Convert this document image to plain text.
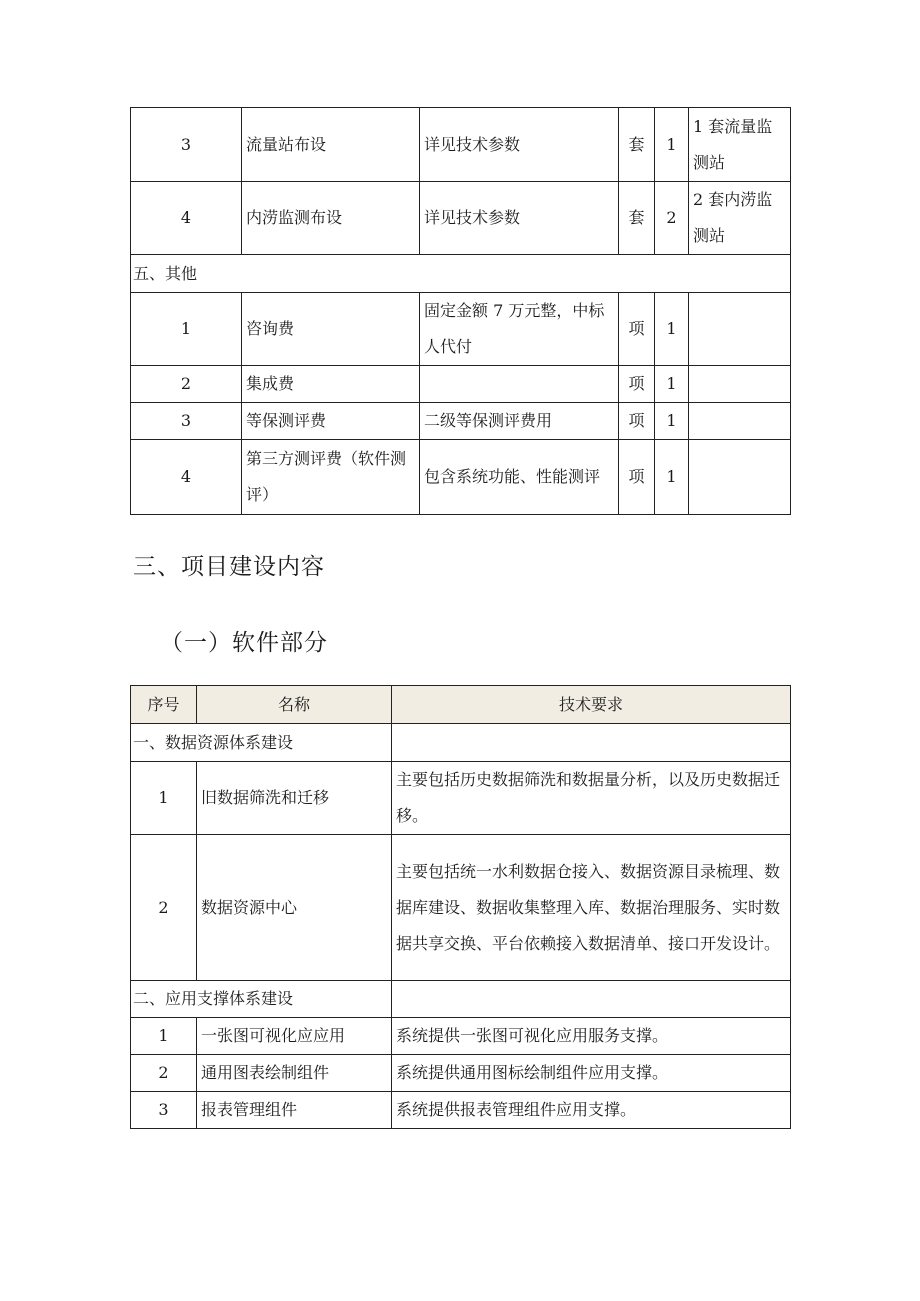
3	流量站布设	详见技术参数	套	1	1 套流量监测站
4	内涝监测布设	详见技术参数	套	2	2 套内涝监测站
五、其他					
1	咨询费	固定金额 7 万元整，中标人代付	项	1	
2	集成费		项	1	
3	等保测评费	二级等保测评费用	项	1	
4	第三方测评费（软件测评）	包含系统功能、性能测评	项	1	
三、项目建设内容
（一）软件部分
序号	名称	技术要求
一、数据资源体系建设		
1	旧数据筛洗和迁移	主要包括历史数据筛洗和数据量分析，以及历史数据迁移。
2	数据资源中心	主要包括统一水利数据仓接入、数据资源目录梳理、数据库建设、数据收集整理入库、数据治理服务、实时数据共享交换、平台依赖接入数据清单、接口开发设计。
二、应用支撑体系建设		
1	一张图可视化应应用	系统提供一张图可视化应用服务支撑。
2	通用图表绘制组件	系统提供通用图标绘制组件应用支撑。
3	报表管理组件	系统提供报表管理组件应用支撑。
